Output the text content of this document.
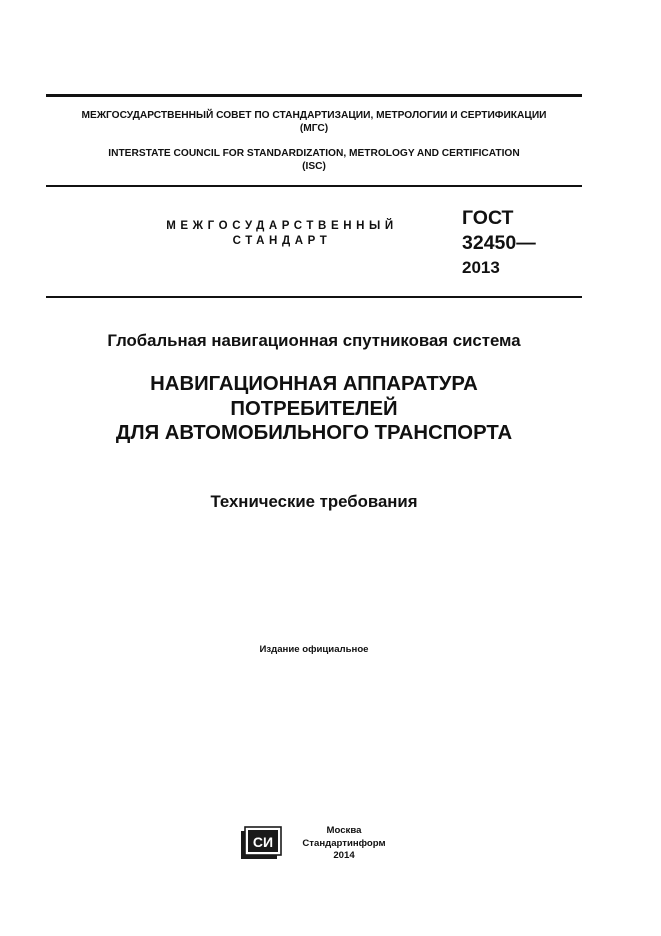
МЕЖГОСУДАРСТВЕННЫЙ СОВЕТ ПО СТАНДАРТИЗАЦИИ, МЕТРОЛОГИИ И СЕРТИФИКАЦИИ
(МГС)
INTERSTATE COUNCIL FOR STANDARDIZATION, METROLOGY AND CERTIFICATION
(ISC)
МЕЖГОСУДАРСТВЕННЫЙ
СТАНДАРТ
ГОСТ
32450—
2013
Глобальная навигационная спутниковая система
НАВИГАЦИОННАЯ АППАРАТУРА
ПОТРЕБИТЕЛЕЙ
ДЛЯ АВТОМОБИЛЬНОГО ТРАНСПОРТА
Технические требования
Издание официальное
СИ
Москва
Стандартинформ
2014
